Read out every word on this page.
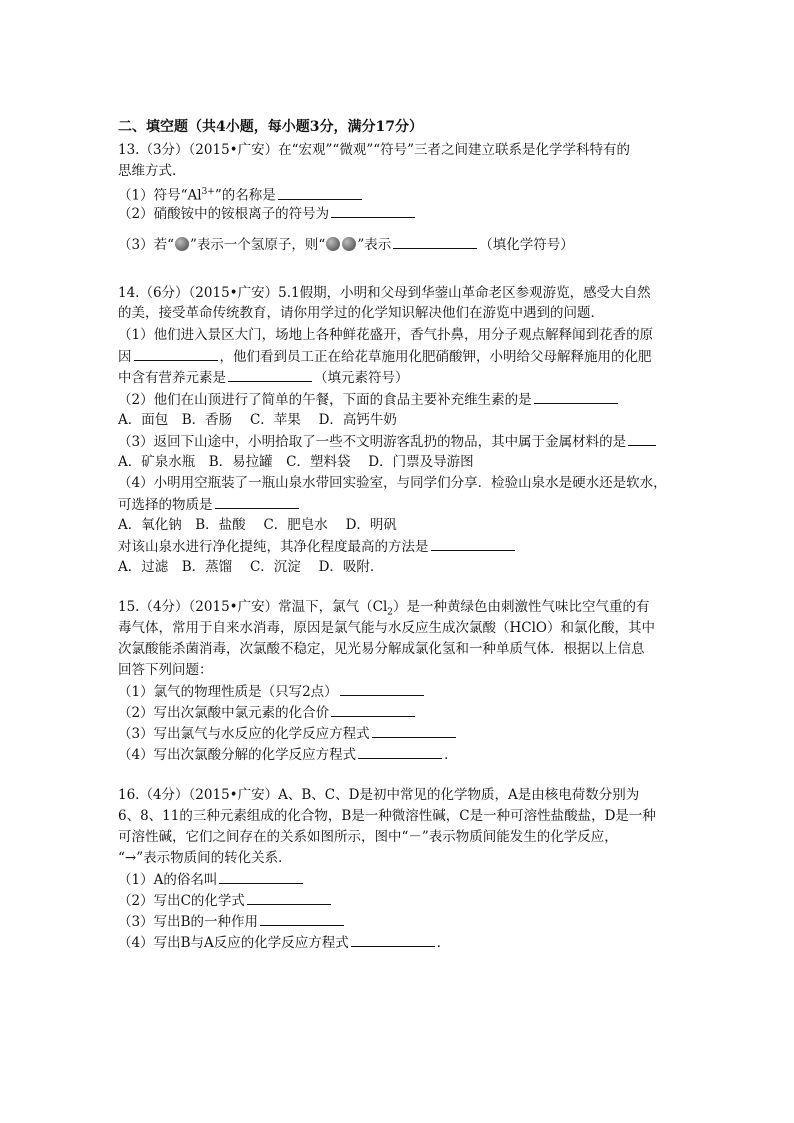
二、填空题（共4小题，每小题3分，满分17分）
13.（3分）（2015•广安）在“宏观”“微观”“符号”三者之间建立联系是化学学科特有的
思维方式．
（1）符号“$Al^{3+}$”的名称是
（2）硝酸铵中的铵根离子的符号为
（3）若“ ”表示一个氢原子，则“ ”表示	（填化学符号）
14.（6分）（2015•广安）5.1假期，小明和父母到华蓥山革命老区参观游览，感受大自然
的美，接受革命传统教育，请你用学过的化学知识解决他们在游览中遇到的问题．
（1）他们进入景区大门，场地上各种鲜花盛开，香气扑鼻，用分子观点解释闻到花香的原
因	，他们看到员工正在给花草施用化肥硝酸钾，小明给父母解释施用的化肥
中含有营养元素是	（填元素符号）
（2）他们在山顶进行了简单的午餐，下面的食品主要补充维生素的是
A．面包　B．香肠　 C．苹果　 D．高钙牛奶
（3）返回下山途中，小明拾取了一些不文明游客乱扔的物品，其中属于金属材料的是
A．矿泉水瓶　B．易拉罐　C．塑料袋　 D．门票及导游图
（4）小明用空瓶装了一瓶山泉水带回实验室，与同学们分享．检验山泉水是硬水还是软水，
可选择的物质是
A．氧化钠　B．盐酸　 C．肥皂水　 D．明矾
对该山泉水进行净化提纯，其净化程度最高的方法是
A．过滤　B．蒸馏　 C．沉淀　 D．吸附．
15.（4分）（2015•广安）常温下，氯气$(Cl_2)$是一种黄绿色由刺激性气味比空气重的有
毒气体，常用于自来水消毒，原因是氯气能与水反应生成次氯酸（HClO）和氯化酸，其中
次氯酸能杀菌消毒，次氯酸不稳定，见光易分解成氯化氢和一种单质气体．根据以上信息
回答下列问题：
（1）氯气的物理性质是（只写2点）
（2）写出次氯酸中氯元素的化合价
（3）写出氯气与水反应的化学反应方程式
（4）写出次氯酸分解的化学反应方程式	．
16.（4分）（2015•广安）A、B、C、D是初中常见的化学物质，A是由核电荷数分别为
6、8、11的三种元素组成的化合物，B是一种微溶性碱，C是一种可溶性盐酸盐，D是一种
可溶性碱，它们之间存在的关系如图所示，图中“－”表示物质间能发生的化学反应，
“→”表示物质间的转化关系．
（1）A的俗名叫
（2）写出C的化学式
（3）写出B的一种作用
（4）写出B与A反应的化学反应方程式	．
